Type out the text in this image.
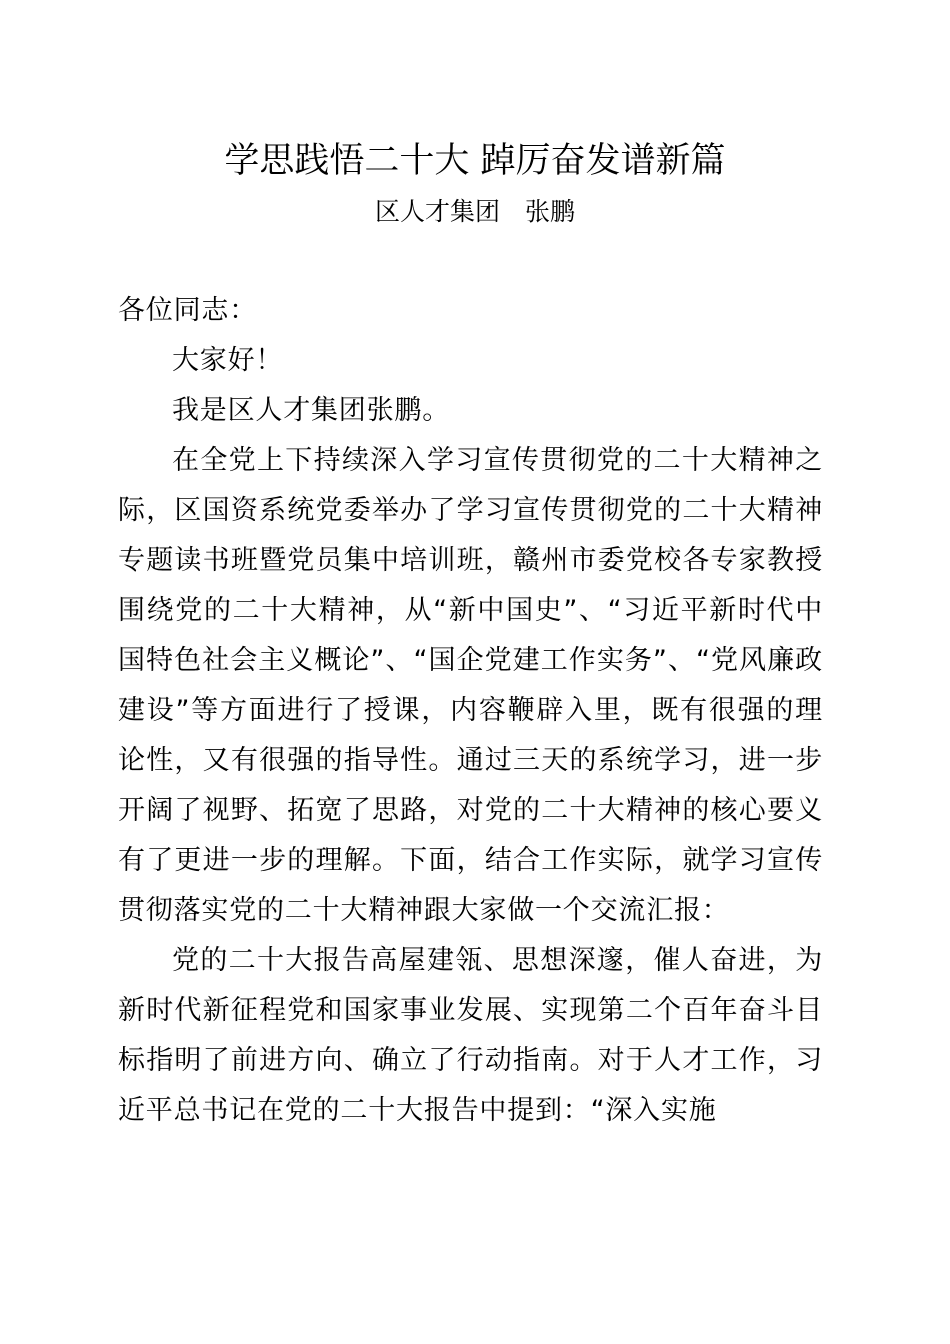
学思践悟二十大 踔厉奋发谱新篇
区人才集团　张鹏

各位同志：

大家好！

我是区人才集团张鹏。

在全党上下持续深入学习宣传贯彻党的二十大精神之际，区国资系统党委举办了学习宣传贯彻党的二十大精神专题读书班暨党员集中培训班，赣州市委党校各专家教授围绕党的二十大精神，从“新中国史”、“习近平新时代中国特色社会主义概论”、“国企党建工作实务”、“党风廉政建设”等方面进行了授课，内容鞭辟入里，既有很强的理论性，又有很强的指导性。通过三天的系统学习，进一步开阔了视野、拓宽了思路，对党的二十大精神的核心要义有了更进一步的理解。下面，结合工作实际，就学习宣传贯彻落实党的二十大精神跟大家做一个交流汇报：

党的二十大报告高屋建瓴、思想深邃，催人奋进，为新时代新征程党和国家事业发展、实现第二个百年奋斗目标指明了前进方向、确立了行动指南。对于人才工作，习近平总书记在党的二十大报告中提到：“深入实施
